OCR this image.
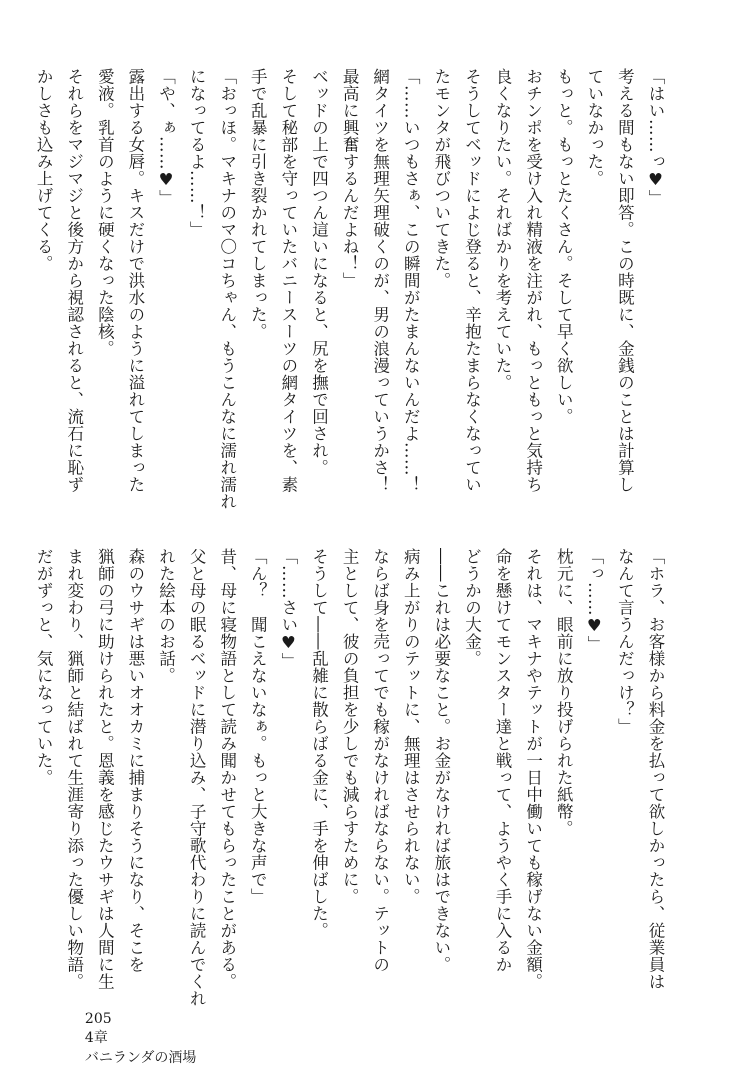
「はい……っ♥」
考える間もない即答。この時既に、金銭のことは計算し
ていなかった。
もっと。もっとたくさん。そして早く欲しい。
おチンポを受け入れ精液を注がれ、もっともっと気持ち
良くなりたい。そればかりを考えていた。
そうしてベッドによじ登ると、辛抱たまらなくなってい
たモンタが飛びついてきた。
「……いつもさぁ、この瞬間がたまんないんだよ……！
網タイツを無理矢理破くのが、男の浪漫っていうかさ！
最高に興奮するんだよね！」
ベッドの上で四つん這いになると、尻を撫で回され。
そして秘部を守っていたバニースーツの網タイツを、素
手で乱暴に引き裂かれてしまった。
「おっほ。マキナのマ〇コちゃん、もうこんなに濡れ濡れ
になってるよ……！」
「や、ぁ……♥」
露出する女唇。キスだけで洪水のように溢れてしまった
愛液。乳首のように硬くなった陰核。
それらをマジマジと後方から視認されると、流石に恥ず
かしさも込み上げてくる。
「ホラ、お客様から料金を払って欲しかったら、従業員は
なんて言うんだっけ？」
「っ……♥」
枕元に、眼前に放り投げられた紙幣。
それは、マキナやテットが一日中働いても稼げない金額。
命を懸けてモンスター達と戦って、ようやく手に入るか
どうかの大金。
――これは必要なこと。お金がなければ旅はできない。
病み上がりのテットに、無理はさせられない。
ならば身を売ってでも稼がなければならない。テットの
主として、彼の負担を少しでも減らすために。
そうして――乱雑に散らばる金に、手を伸ばした。
「……さい♥」
「ん？　聞こえないなぁ。もっと大きな声で」
昔、母に寝物語として読み聞かせてもらったことがある。
父と母の眠るベッドに潜り込み、子守歌代わりに読んでくれ
れた絵本のお話。
森のウサギは悪いオオカミに捕まりそうになり、そこを
猟師の弓に助けられたと。恩義を感じたウサギは人間に生
まれ変わり、猟師と結ばれて生涯寄り添った優しい物語。
だがずっと、気になっていた。

205
4章
バニランダの酒場
